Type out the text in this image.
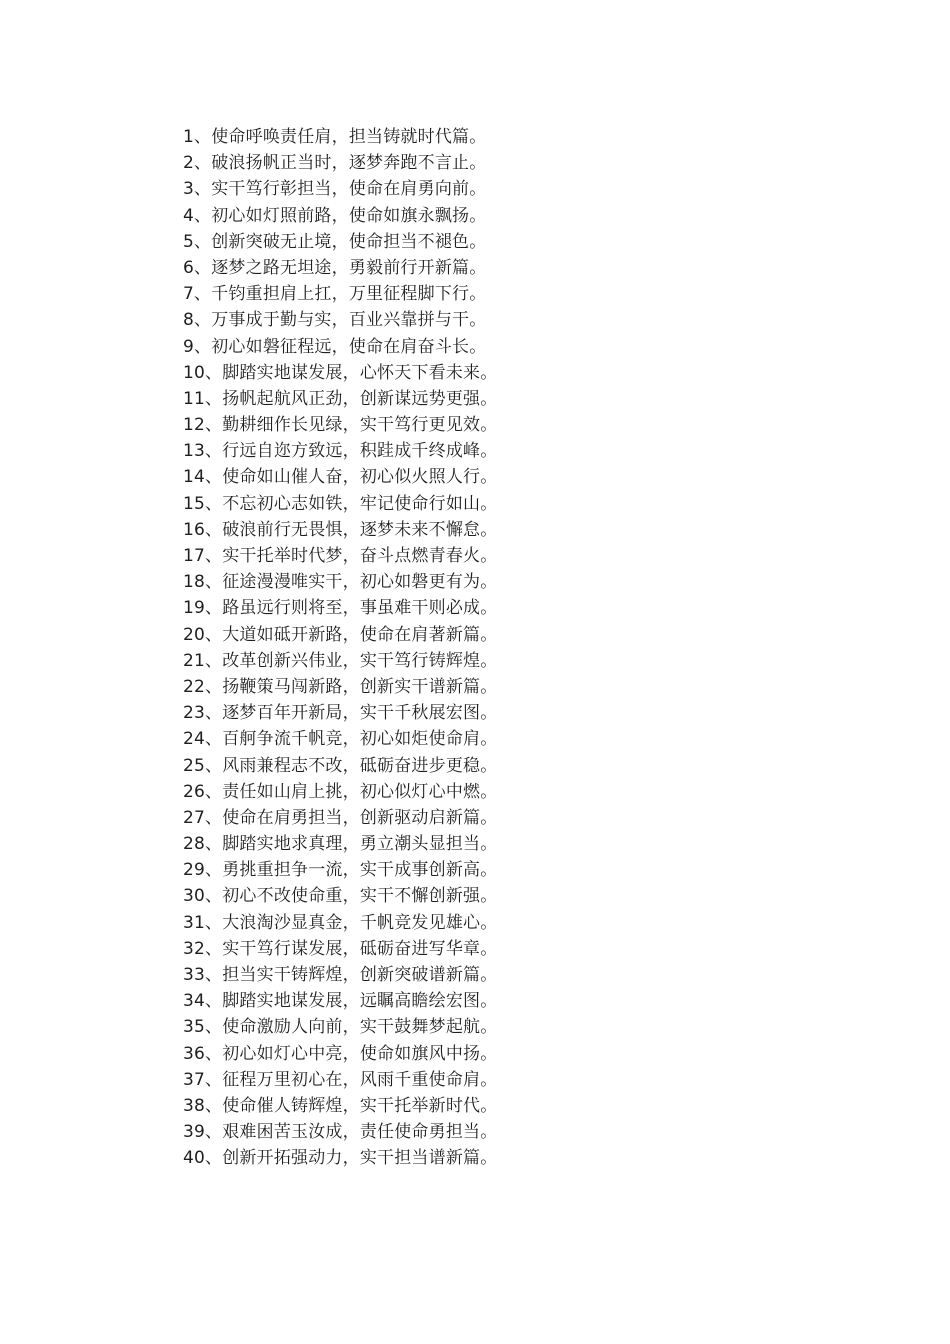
1、使命呼唤责任肩，担当铸就时代篇。
2、破浪扬帆正当时，逐梦奔跑不言止。
3、实干笃行彰担当，使命在肩勇向前。
4、初心如灯照前路，使命如旗永飘扬。
5、创新突破无止境，使命担当不褪色。
6、逐梦之路无坦途，勇毅前行开新篇。
7、千钧重担肩上扛，万里征程脚下行。
8、万事成于勤与实，百业兴靠拼与干。
9、初心如磐征程远，使命在肩奋斗长。
10、脚踏实地谋发展，心怀天下看未来。
11、扬帆起航风正劲，创新谋远势更强。
12、勤耕细作长见绿，实干笃行更见效。
13、行远自迩方致远，积跬成千终成峰。
14、使命如山催人奋，初心似火照人行。
15、不忘初心志如铁，牢记使命行如山。
16、破浪前行无畏惧，逐梦未来不懈怠。
17、实干托举时代梦，奋斗点燃青春火。
18、征途漫漫唯实干，初心如磐更有为。
19、路虽远行则将至，事虽难干则必成。
20、大道如砥开新路，使命在肩著新篇。
21、改革创新兴伟业，实干笃行铸辉煌。
22、扬鞭策马闯新路，创新实干谱新篇。
23、逐梦百年开新局，实干千秋展宏图。
24、百舸争流千帆竞，初心如炬使命肩。
25、风雨兼程志不改，砥砺奋进步更稳。
26、责任如山肩上挑，初心似灯心中燃。
27、使命在肩勇担当，创新驱动启新篇。
28、脚踏实地求真理，勇立潮头显担当。
29、勇挑重担争一流，实干成事创新高。
30、初心不改使命重，实干不懈创新强。
31、大浪淘沙显真金，千帆竞发见雄心。
32、实干笃行谋发展，砥砺奋进写华章。
33、担当实干铸辉煌，创新突破谱新篇。
34、脚踏实地谋发展，远瞩高瞻绘宏图。
35、使命激励人向前，实干鼓舞梦起航。
36、初心如灯心中亮，使命如旗风中扬。
37、征程万里初心在，风雨千重使命肩。
38、使命催人铸辉煌，实干托举新时代。
39、艰难困苦玉汝成，责任使命勇担当。
40、创新开拓强动力，实干担当谱新篇。
